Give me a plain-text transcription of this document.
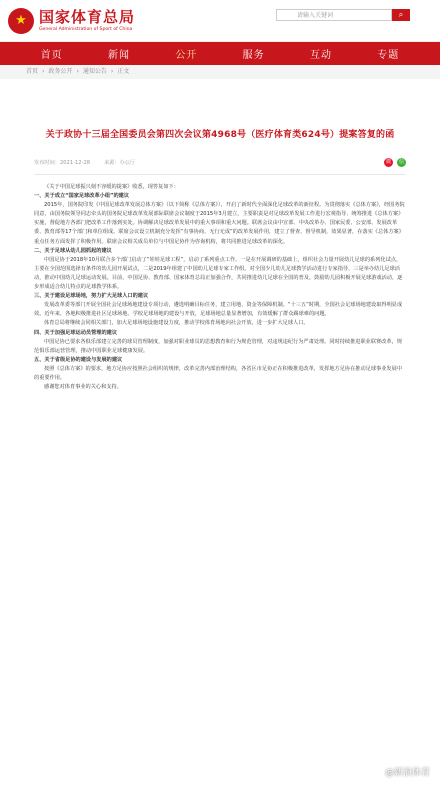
★ 国家体育总局
General Administration of Sport of China
请输入关键词	⌕
首页	新闻	公开	服务	互动	专题
首页 › 政务公开 › 通知公告 › 正文
关于政协十三届全国委员会第四次会议第4968号（医疗体育类624号）提案答复的函
发布时间：2021-12-28	来源：办公厅	微	信

《关于中国足球振兴刻不容缓的提案》收悉，现答复如下：

一、关于成立“国家足球改革小组”的建议

2015年，国务院印发《中国足球改革发展总体方案》（以下简称《总体方案》），开启了新时代全面深化足球改革的新征程。为贯彻落实《总体方案》，经国务院同意，由国务院领导同志牵头的国务院足球改革发展部际联席会议制度于2015年3月建立，主要职责是对足球改革发展工作进行宏观指导、统筹推进《总体方案》实施，督促地方各部门把改革工作落到实处。协调解决足球改革发展中的重大事项和重大问题。联席会议由中宣部、中央改革办、国家民委、公安部、发展改革委、教育部等17个部门和单位组成。联席会议设立机制充分发挥“有事协商、无行无成”的改革发展作用，建立了督查、督导机制，效果显著，在落实《总体方案》重点任务方面发挥了积极作用。联席会议相关成员单位与中国足协作为咨询机构，将共同推进足球改革的深化。

二、关于足球从幼儿园抓起的建议

中国足协于2018年10月联合多个部门启动了“娃娃足球工程”，启动了系列重点工作。一是在开展调研的基础上，组织社会力量开展幼儿足球的系列化试点，主要在全国范围选择有条件的幼儿园开展试点，二是2019年组建了中国幼儿足球专家工作组。对全国少儿幼儿足球教学活动进行专家指导，三是举办幼儿足球活动，推动中国幼儿足球运动发展。目前，中国足协、教育部、国家体育总局正加强合作，共同推进幼儿足球在全国的普及，鼓励幼儿园积极开展足球游戏活动，逐步形成适合幼儿特点的足球教学体系。

三、关于建设足球场地，努力扩大足球人口的建议

发展改革委等部门开展全国社会足球场地建设专项行动，遴选明确目标任务，建立用地、资金等保障机制。“十三五”时期，全国社会足球场地建设取得明显成效。近年来，各地积极推进社区足球场地、学校足球场地的建设与开放，足球场地总量显著增加，有效缓解了群众踢球难的问题。

体育总局将继续会同相关部门，加大足球场地设施建设力度，推动学校体育场地向社会开放，进一步扩大足球人口。

四、关于加强足球运动员管理的建议

中国足协已要求各俱乐部建立完善的球员管理制度，加强对职业球员的思想教育和行为规范管理，对违规违纪行为严肃处理。同时持续推进职业联赛改革，规范俱乐部运营管理，推动中国职业足球健康发展。

五、关于省级足协的建设与发展的建议

按照《总体方案》的要求，地方足协应按照社会组织的规律，改革完善内部治理结构，各省区市足协正在积极推进改革，发挥地方足协在推动足球事业发展中的重要作用。

感谢您对体育事业的关心和支持。

@新浪体育
